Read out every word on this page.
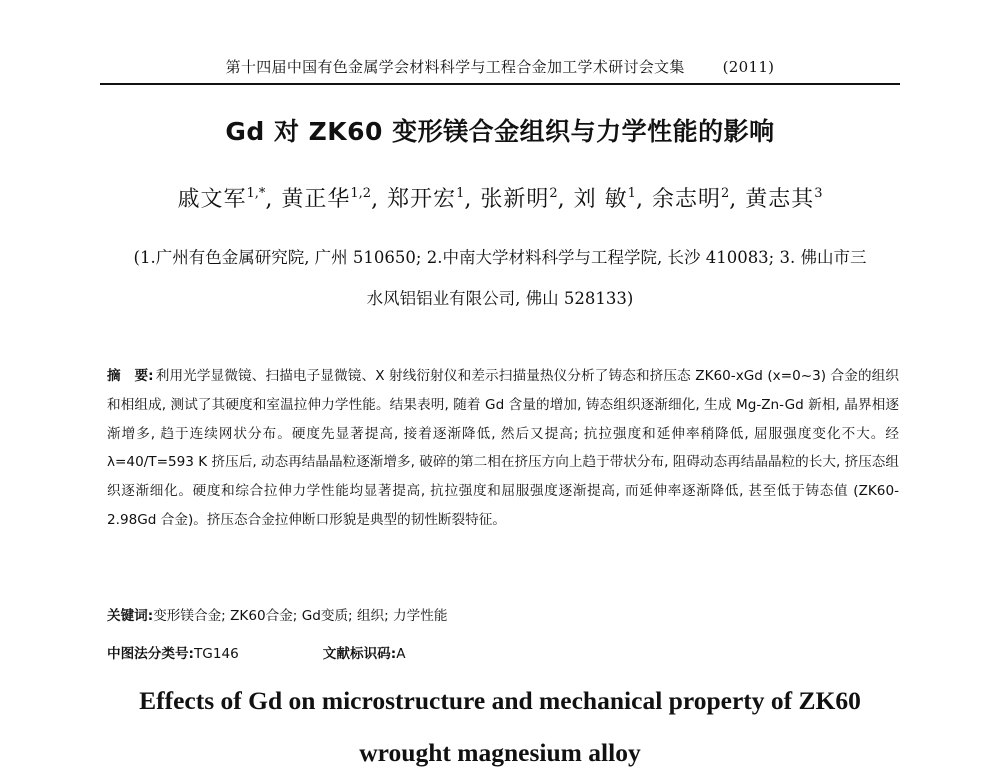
第十四届中国有色金属学会材料科学与工程合金加工学术研讨会文集	(2011)
Gd 对 ZK60 变形镁合金组织与力学性能的影响
戚文军$^{1,*}$, 黄正华$^{1,2}$, 郑开宏$^1$, 张新明$^2$, 刘 敏$^1$, 余志明$^2$, 黄志其$^3$
(1.广州有色金属研究院, 广州 510650; 2.中南大学材料科学与工程学院, 长沙 410083; 3. 佛山市三
水风铝铝业有限公司, 佛山 528133)
摘　要: 利用光学显微镜、扫描电子显微镜、X 射线衍射仪和差示扫描量热仪分析了铸态和挤压态 ZK60-xGd (x=0~3) 合金的组织和相组成, 测试了其硬度和室温拉伸力学性能。结果表明, 随着 Gd 含量的增加, 铸态组织逐渐细化, 生成 Mg-Zn-Gd 新相, 晶界相逐渐增多, 趋于连续网状分布。硬度先显著提高, 接着逐渐降低, 然后又提高; 抗拉强度和延伸率稍降低, 屈服强度变化不大。经λ=40/T=593 K 挤压后, 动态再结晶晶粒逐渐增多, 破碎的第二相在挤压方向上趋于带状分布, 阻碍动态再结晶晶粒的长大, 挤压态组织逐渐细化。硬度和综合拉伸力学性能均显著提高, 抗拉强度和屈服强度逐渐提高, 而延伸率逐渐降低, 甚至低于铸态值 (ZK60-2.98Gd 合金)。挤压态合金拉伸断口形貌是典型的韧性断裂特征。
关键词:变形镁合金; ZK60合金; Gd变质; 组织; 力学性能
中图法分类号:TG146	文献标识码:A
Effects of Gd on microstructure and mechanical property of ZK60
wrought magnesium alloy
